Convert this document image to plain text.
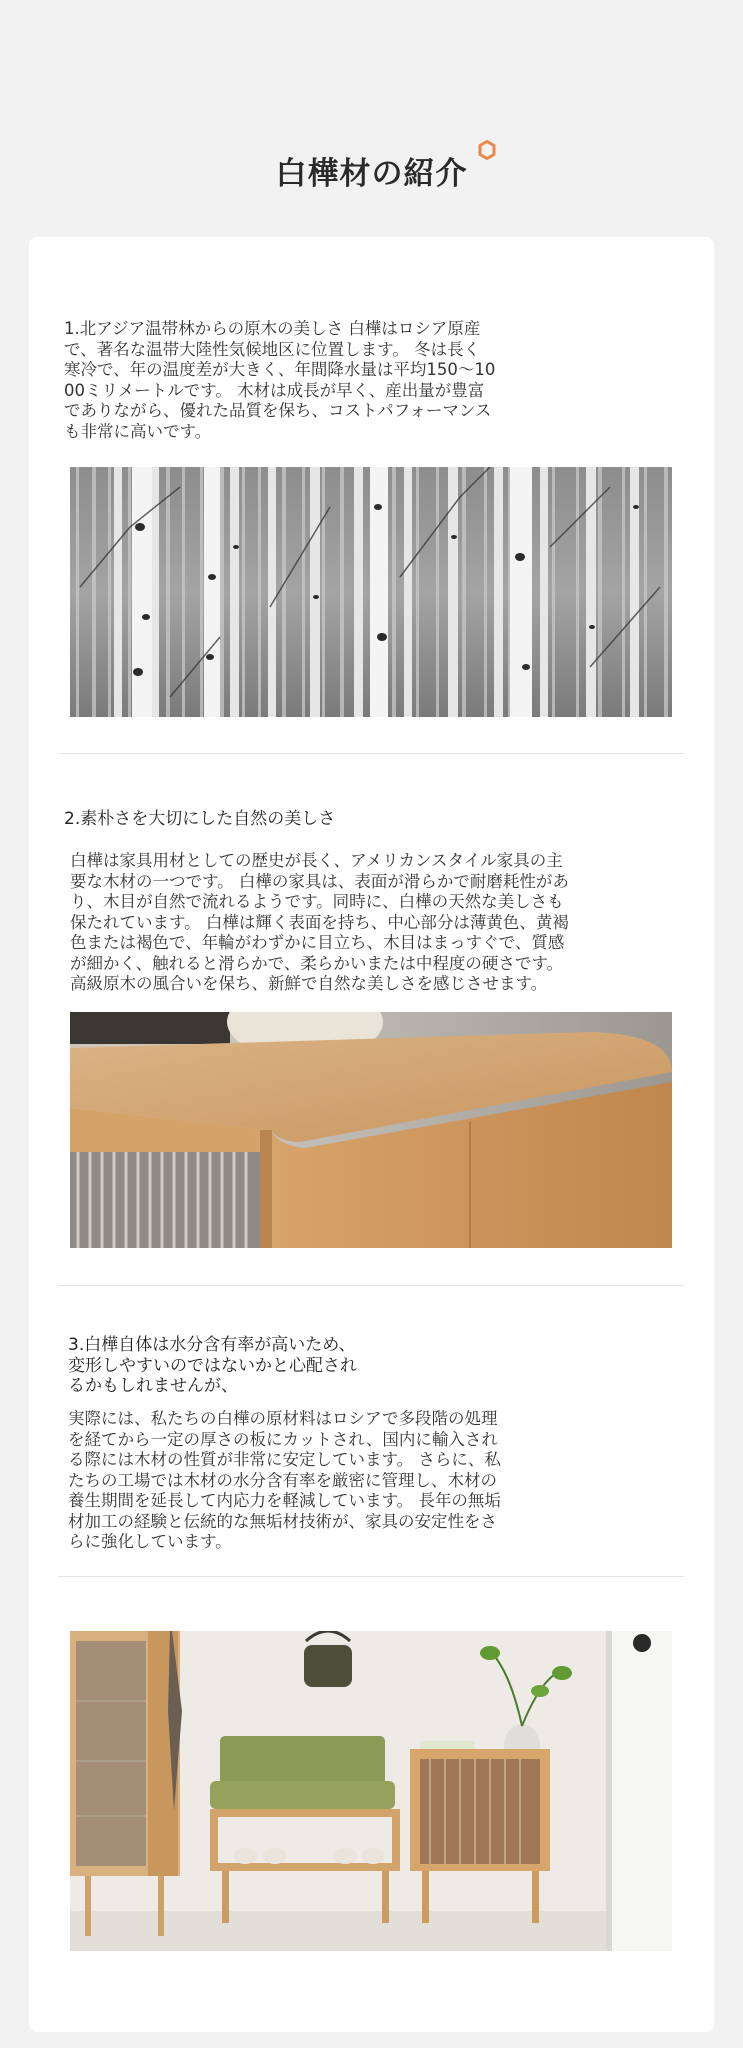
白樺材の紹介
1.北アジア温帯林からの原木の美しさ 白樺はロシア原産
で、著名な温帯大陸性気候地区に位置します。 冬は長く
寒冷で、年の温度差が大きく、年間降水量は平均150～10
00ミリメートルです。 木材は成長が早く、産出量が豊富
でありながら、優れた品質を保ち、コストパフォーマンス
も非常に高いです。
2.素朴さを大切にした自然の美しさ
白樺は家具用材としての歴史が長く、アメリカンスタイル家具の主
要な木材の一つです。 白樺の家具は、表面が滑らかで耐磨耗性があ
り、木目が自然で流れるようです。同時に、白樺の天然な美しさも
保たれています。 白樺は輝く表面を持ち、中心部分は薄黄色、黄褐
色または褐色で、年輪がわずかに目立ち、木目はまっすぐで、質感
が細かく、触れると滑らかで、柔らかいまたは中程度の硬さです。
高級原木の風合いを保ち、新鮮で自然な美しさを感じさせます。
3.白樺自体は水分含有率が高いため、
変形しやすいのではないかと心配され
るかもしれませんが、
実際には、私たちの白樺の原材料はロシアで多段階の処理
を経てから一定の厚さの板にカットされ、国内に輸入され
る際には木材の性質が非常に安定しています。 さらに、私
たちの工場では木材の水分含有率を厳密に管理し、木材の
養生期間を延長して内応力を軽減しています。 長年の無垢
材加工の経験と伝統的な無垢材技術が、家具の安定性をさ
らに強化しています。
